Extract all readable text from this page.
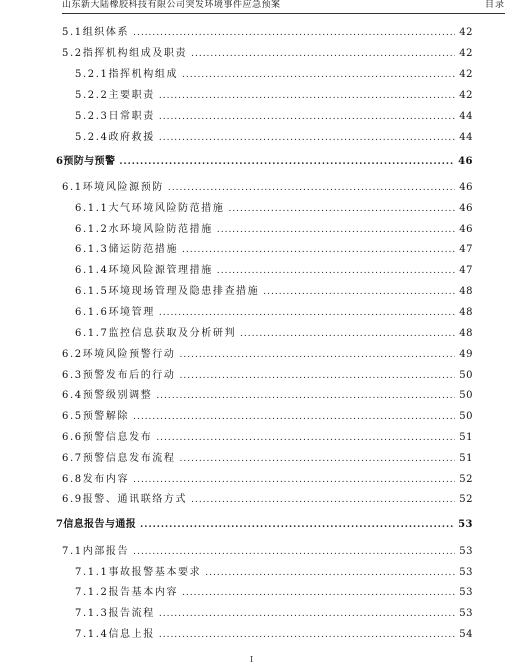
山东新大陆橡胶科技有限公司突发环境事件应急预案	目录
5.1组织体系 .....	42
5.2指挥机构组成及职责 .....	42
5.2.1指挥机构组成 .....	42
5.2.2主要职责 .....	42
5.2.3日常职责 .....	44
5.2.4政府救援 .....	44
6预防与预警 .....	46
6.1环境风险源预防 .....	46
6.1.1大气环境风险防范措施 .....	46
6.1.2水环境风险防范措施 .....	46
6.1.3储运防范措施 .....	47
6.1.4环境风险源管理措施 .....	47
6.1.5环境现场管理及隐患排查措施 .....	48
6.1.6环境管理 .....	48
6.1.7监控信息获取及分析研判 .....	48
6.2环境风险预警行动 .....	49
6.3预警发布后的行动 .....	50
6.4预警级别调整 .....	50
6.5预警解除 .....	50
6.6预警信息发布 .....	51
6.7预警信息发布流程 .....	51
6.8发布内容 .....	52
6.9报警、通讯联络方式 .....	52
7信息报告与通报 .....	53
7.1内部报告 .....	53
7.1.1事故报警基本要求 .....	53
7.1.2报告基本内容 .....	53
7.1.3报告流程 .....	53
7.1.4信息上报 .....	54
I
